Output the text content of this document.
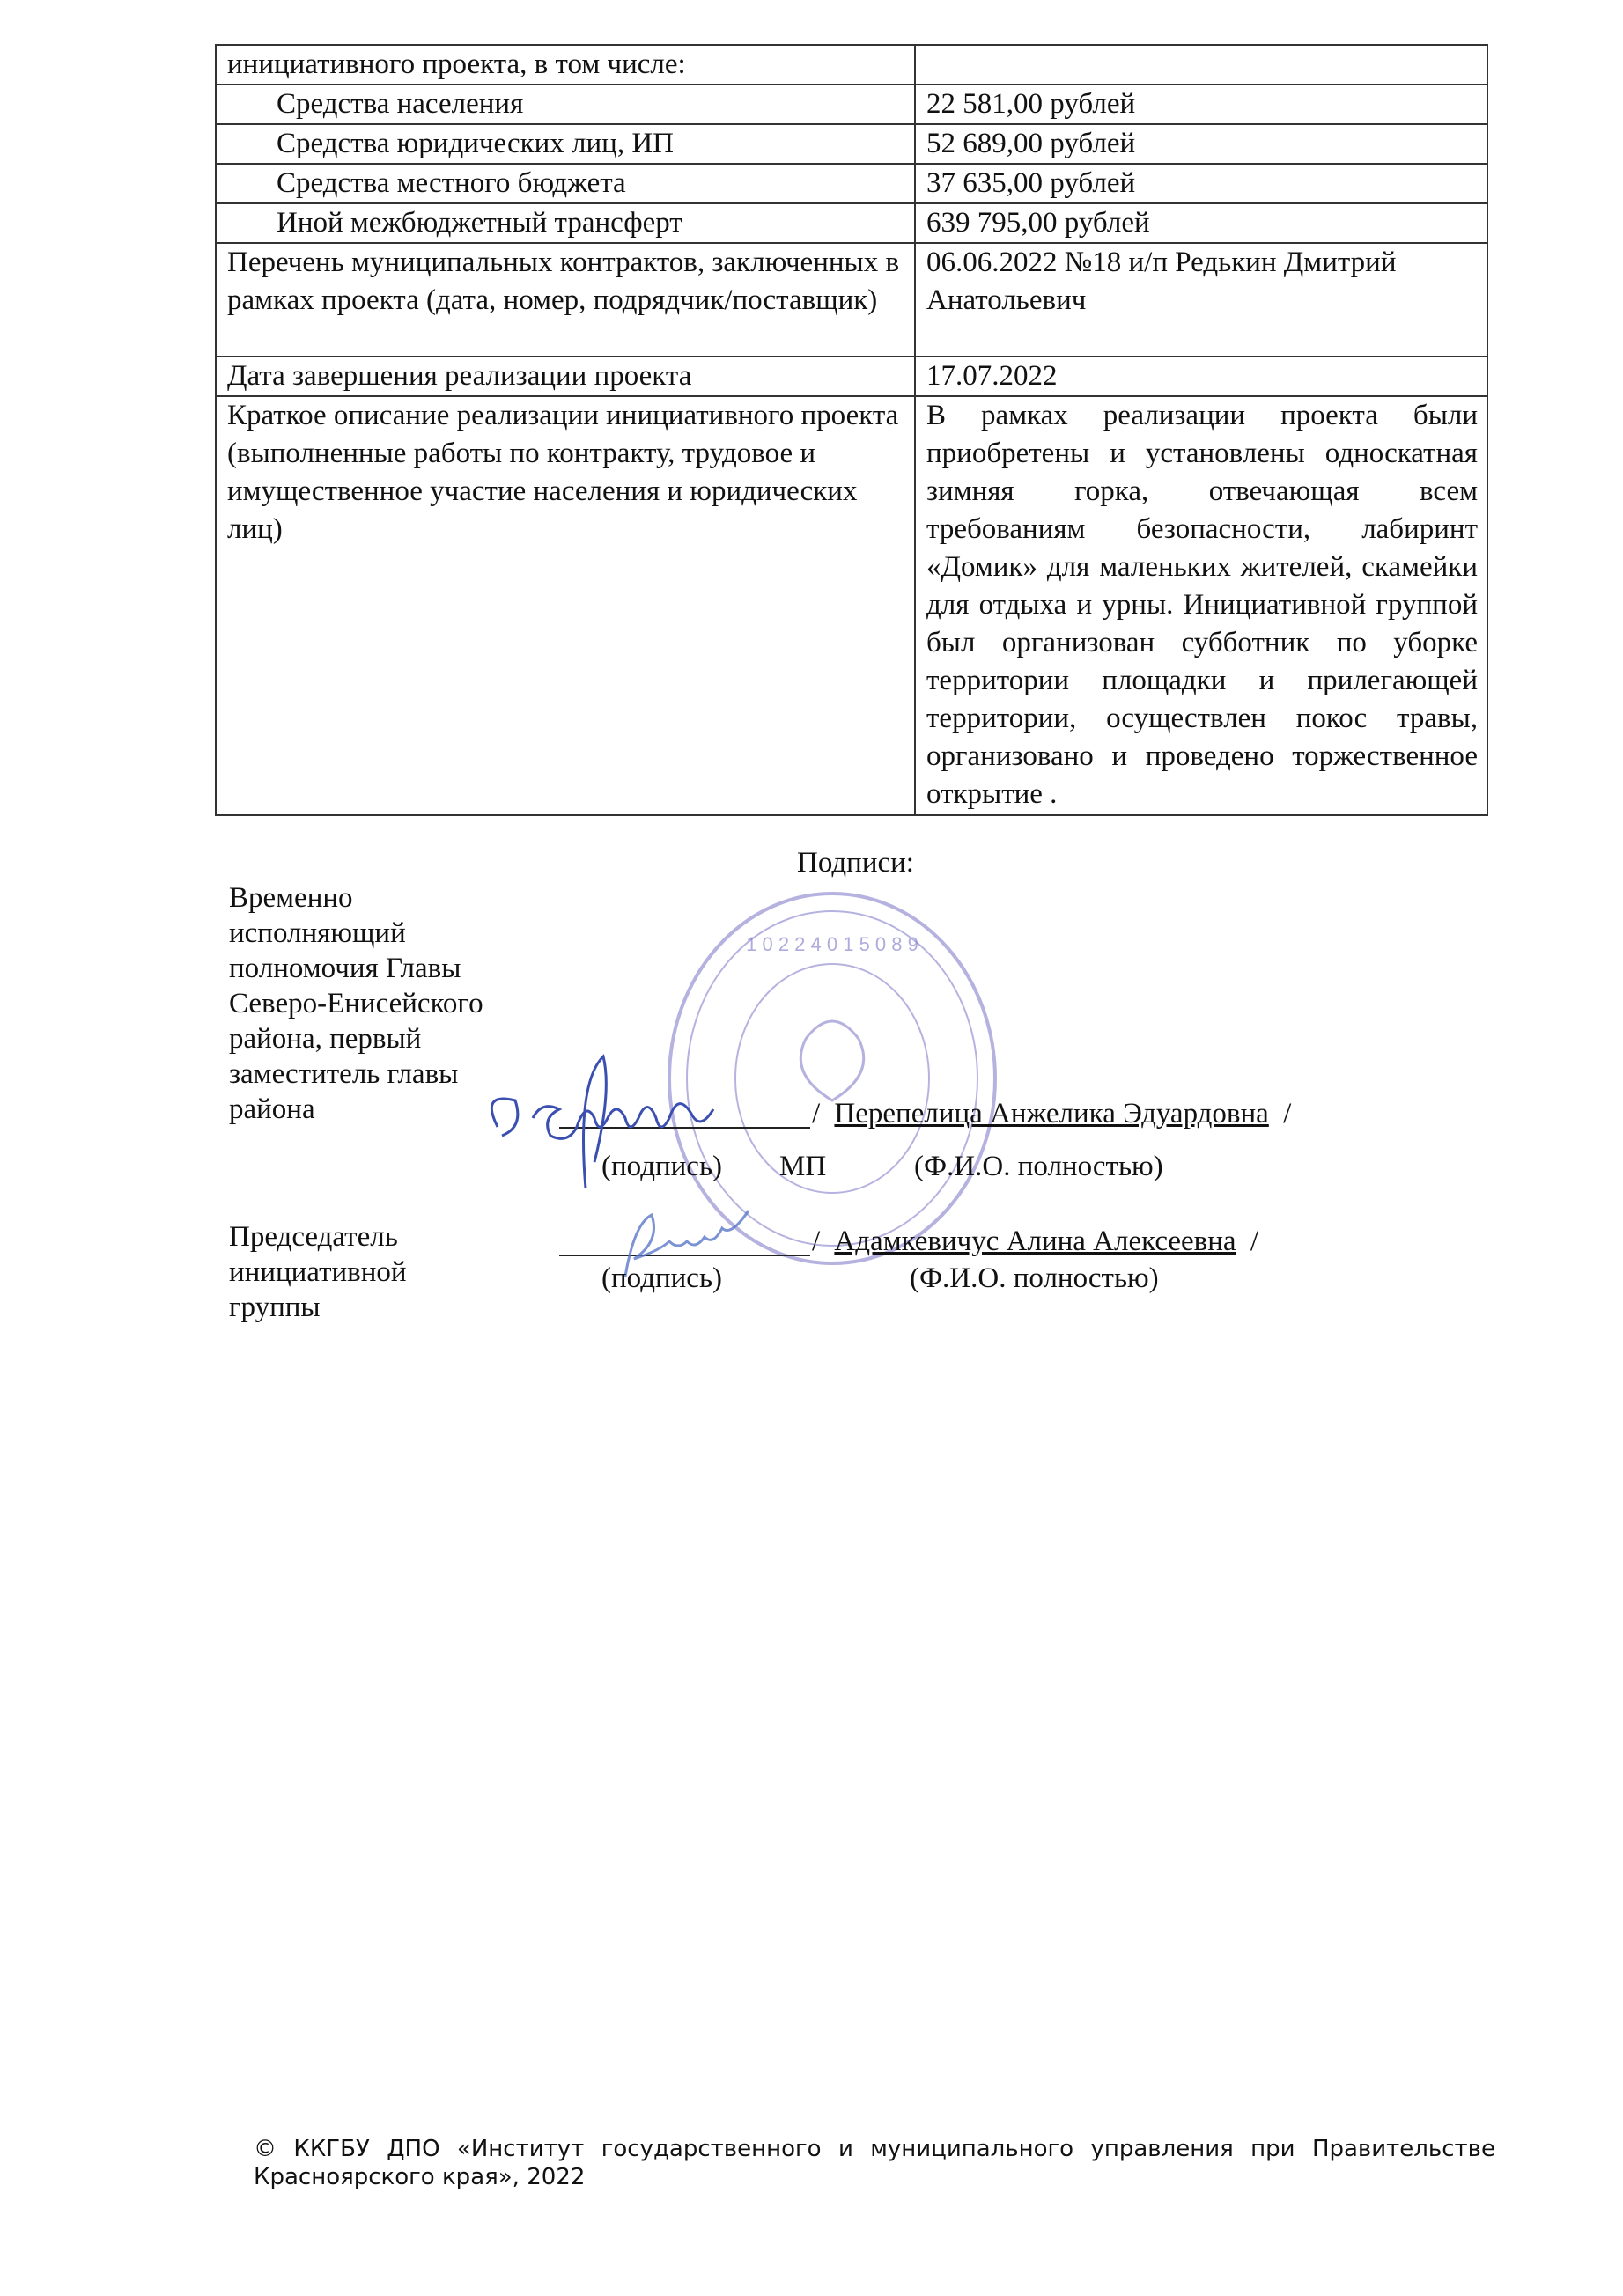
инициативного проекта, в том числе:	
Средства населения	22 581,00 рублей
Средства юридических лиц, ИП	52 689,00 рублей
Средства местного бюджета	37 635,00 рублей
Иной межбюджетный трансферт	639 795,00 рублей
Перечень муниципальных контрактов, заключенных в рамках проекта (дата, номер, подрядчик/поставщик)	06.06.2022 №18 и/п Редькин Дмитрий Анатольевич
Дата завершения реализации проекта	17.07.2022
Краткое описание реализации инициативного проекта (выполненные работы по контракту, трудовое и имущественное участие населения и юридических лиц)	В рамках реализации проекта были приобретены и установлены односкатная зимняя горка, отвечающая всем требованиям безопасности, лабиринт «Домик» для маленьких жителей, скамейки для отдыха и урны. Инициативной группой был организован субботник по уборке территории площадки и прилегающей территории, осуществлен покос травы, организовано и проведено торжественное открытие .
Подписи:
1 0 2 2 4 0 1 5 0 8 9
Временно
исполняющий
полномочия Главы
Северо-Енисейского
района, первый
заместитель главы
района	/ Перепелица Анжелика Эдуардовна /
(подпись) МП	(Ф.И.О. полностью)
Председатель
инициативной
группы
/ Адамкевичус Алина Алексеевна /
(подпись)	(Ф.И.О. полностью)
© ККГБУ ДПО «Институт государственного и муниципального управления при Правительстве
Красноярского края», 2022
